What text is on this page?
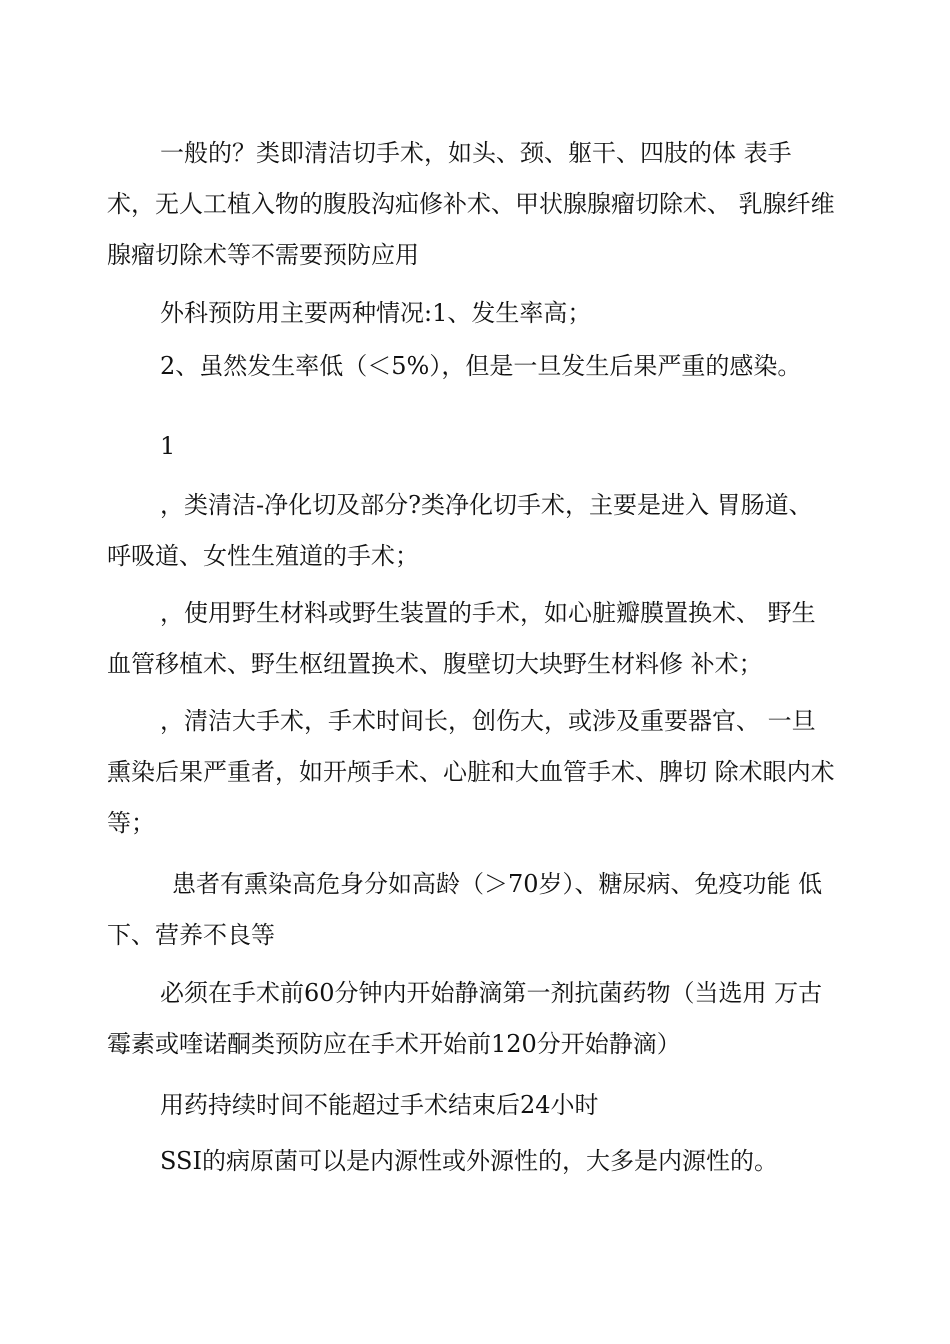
一般的？类即清洁切手术，如头、颈、躯干、四肢的体 表手
术，无人工植入物的腹股沟疝修补术、甲状腺腺瘤切除术、 乳腺纤维
腺瘤切除术等不需要预防应用
外科预防用主要两种情况:1、发生率高；
2、虽然发生率低（＜5%），但是一旦发生后果严重的感染。
1
，类清洁-净化切及部分?类净化切手术，主要是进入 胃肠道、
呼吸道、女性生殖道的手术；
，使用野生材料或野生装置的手术，如心脏瓣膜置换术、 野生
血管移植术、野生枢纽置换术、腹壁切大块野生材料修 补术；
，清洁大手术，手术时间长，创伤大，或涉及重要器官、 一旦
熏染后果严重者，如开颅手术、心脏和大血管手术、脾切 除术眼内术
等；
患者有熏染高危身分如高龄（＞70岁）、糖尿病、免疫功能 低
下、营养不良等
必须在手术前60分钟内开始静滴第一剂抗菌药物（当选用 万古
霉素或喹诺酮类预防应在手术开始前120分开始静滴）
用药持续时间不能超过手术结束后24小时
SSI的病原菌可以是内源性或外源性的，大多是内源性的。
